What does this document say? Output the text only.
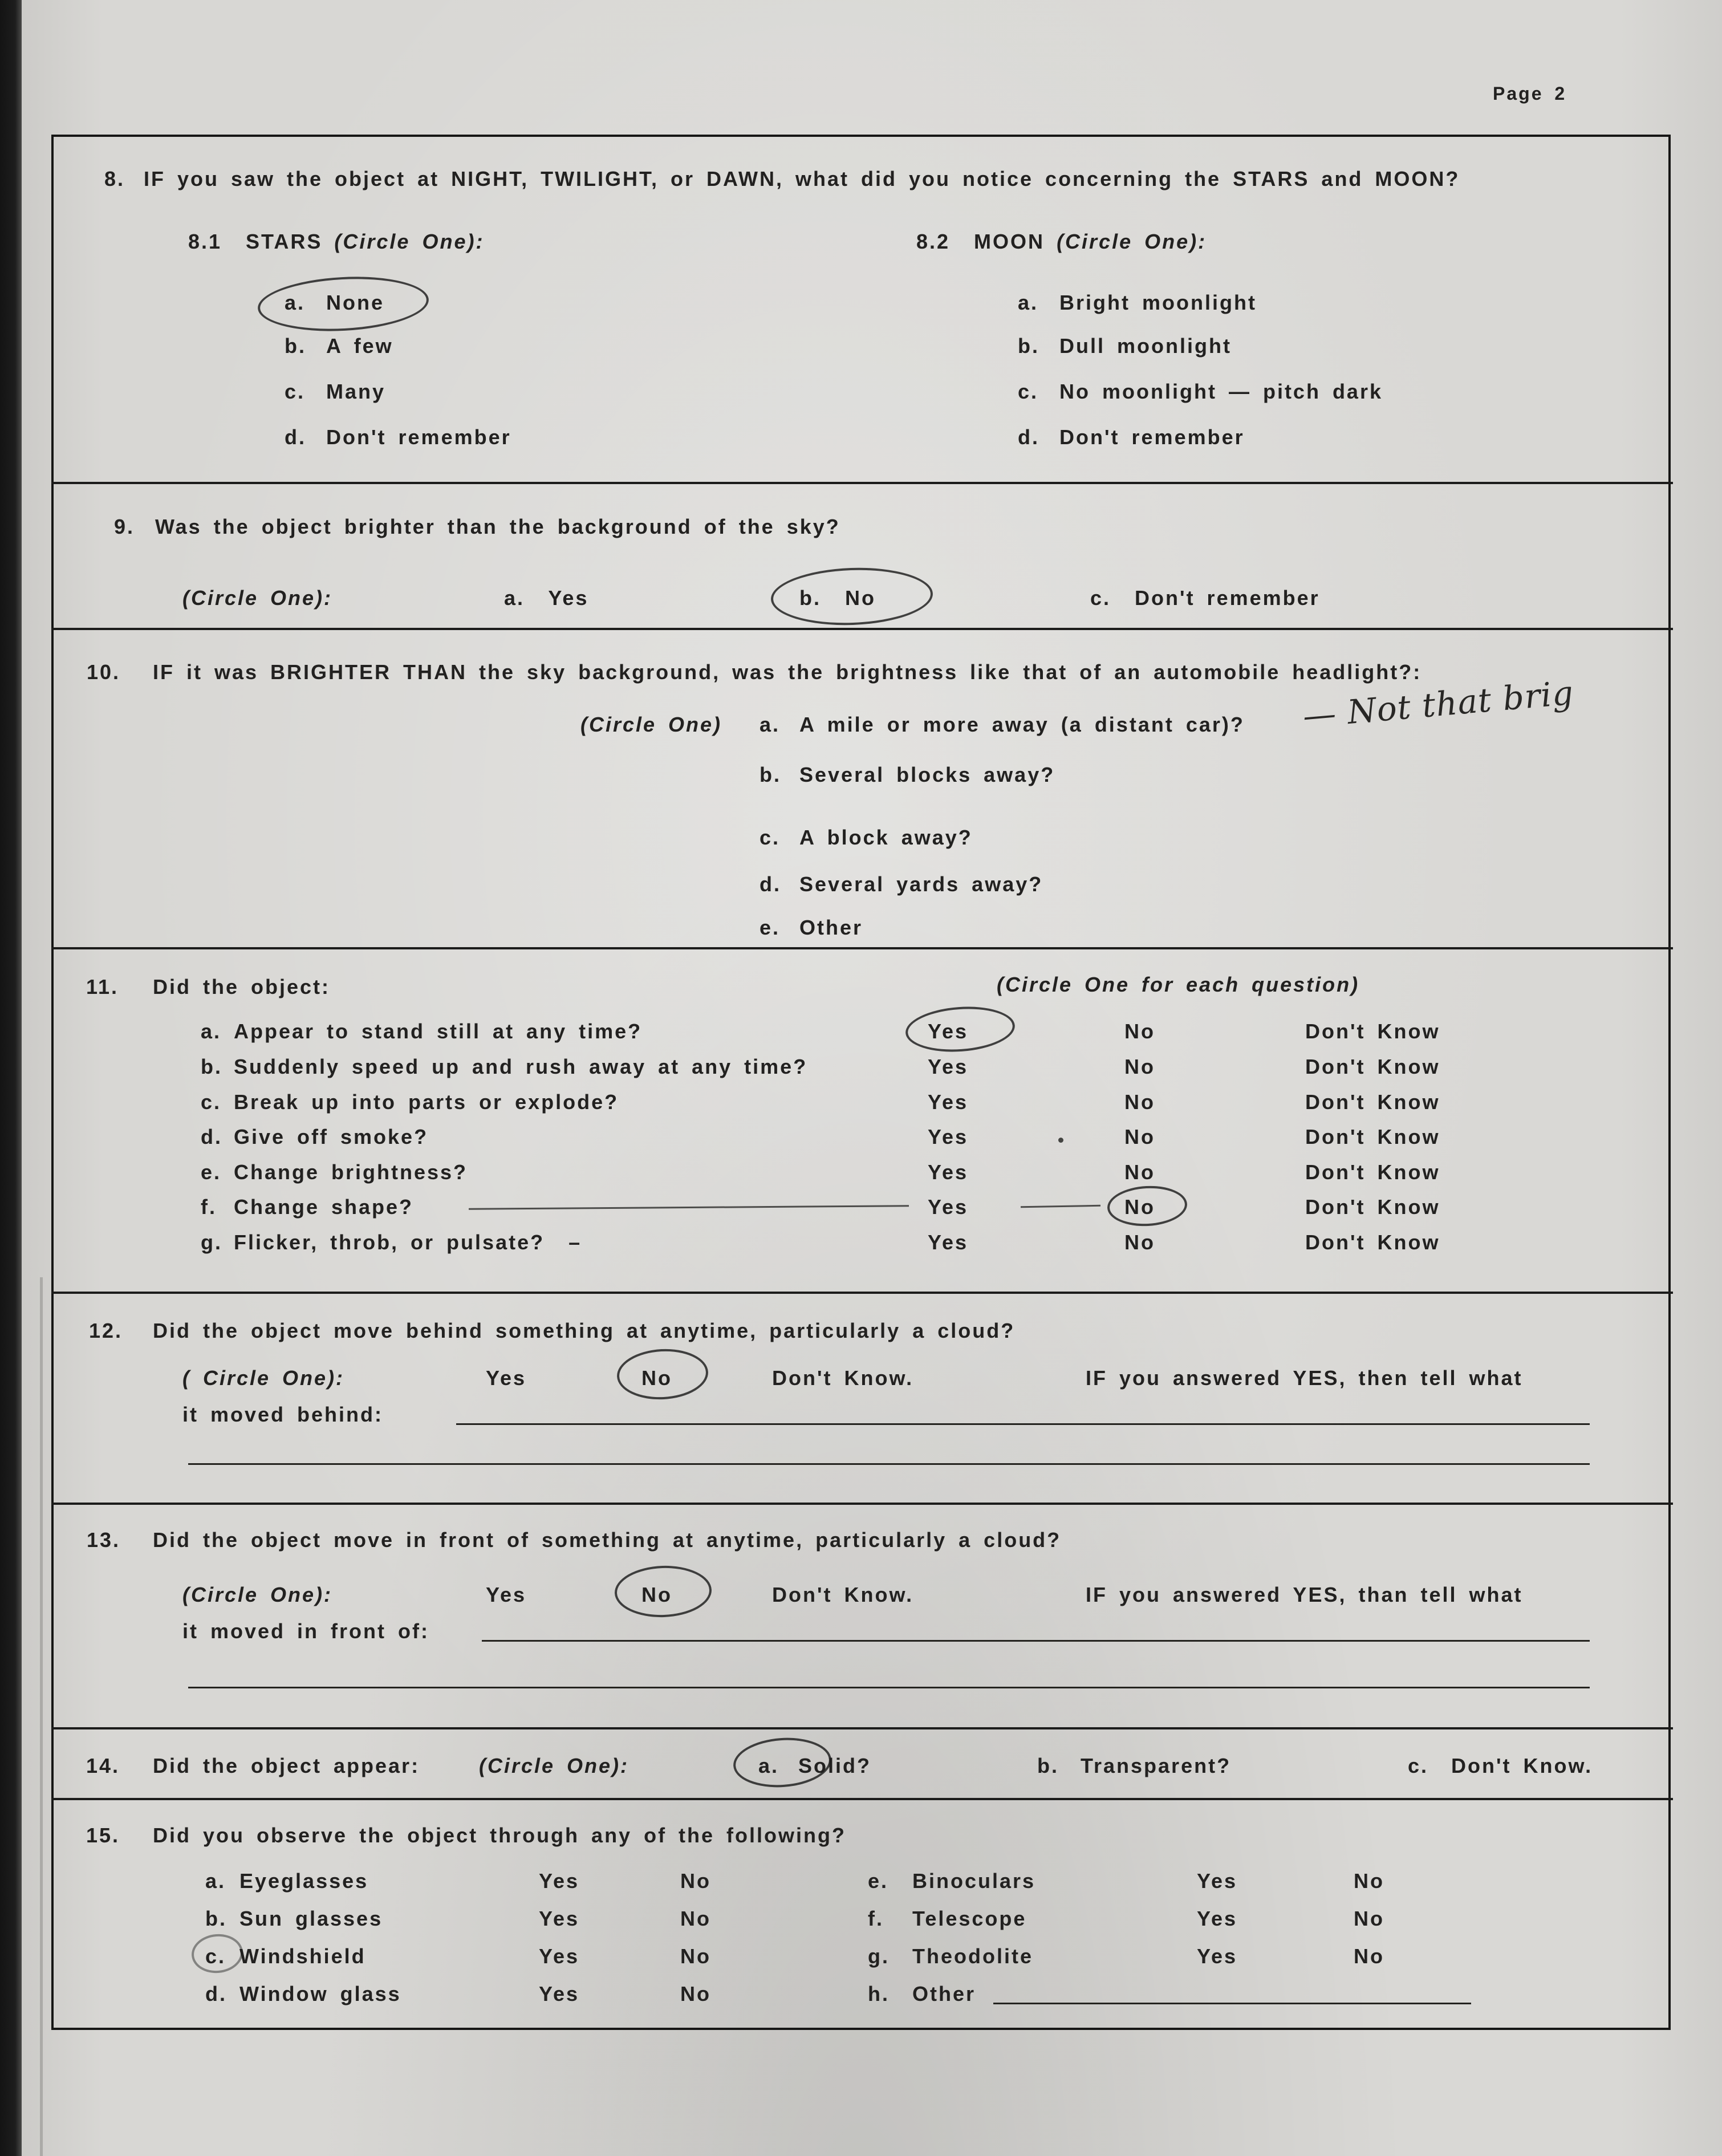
Page 2
8. IF you saw the object at NIGHT, TWILIGHT, or DAWN, what did you notice concerning the STARS and MOON?
8.1  STARS (Circle One):	8.2  MOON (Circle One):
a. None
b. A few
c. Many
d. Don't remember
a. Bright moonlight
b. Dull moonlight
c. No moonlight — pitch dark
d. Don't remember
9. Was the object brighter than the background of the sky?
(Circle One):	a.  Yes	b.  No	c.  Don't remember
10. IF it was BRIGHTER THAN the sky background, was the brightness like that of an automobile headlight?:
(Circle One) a. A mile or more away (a distant car)? — Not that brig
b. Several blocks away?
c. A block away?
d. Several yards away?
e. Other
11. Did the object:	(Circle One for each question)
a. Appear to stand still at any time?	Yes	No	Don't Know
b. Suddenly speed up and rush away at any time?	Yes	No	Don't Know
c. Break up into parts or explode?	Yes	No	Don't Know
d. Give off smoke?	Yes	No	Don't Know
e. Change brightness?	Yes	No	Don't Know
f. Change shape?	Yes	No	Don't Know
g. Flicker, throb, or pulsate?  –	Yes	No	Don't Know
12. Did the object move behind something at anytime, particularly a cloud?
( Circle One):	Yes	No	Don't Know.	IF you answered YES, then tell what
it moved behind:
13. Did the object move in front of something at anytime, particularly a cloud?
(Circle One):	Yes	No	Don't Know.	IF you answered YES, than tell what
it moved in front of:
14. Did the object appear:	(Circle One):	a. Solid?	b. Transparent?	c. Don't Know.
15. Did you observe the object through any of the following?
a. Eyeglasses	Yes	No
b. Sun glasses	Yes	No
c. Windshield	Yes	No
d. Window glass	Yes	No
e. Binoculars	Yes	No
f. Telescope	Yes	No
g. Theodolite	Yes	No
h. Other
